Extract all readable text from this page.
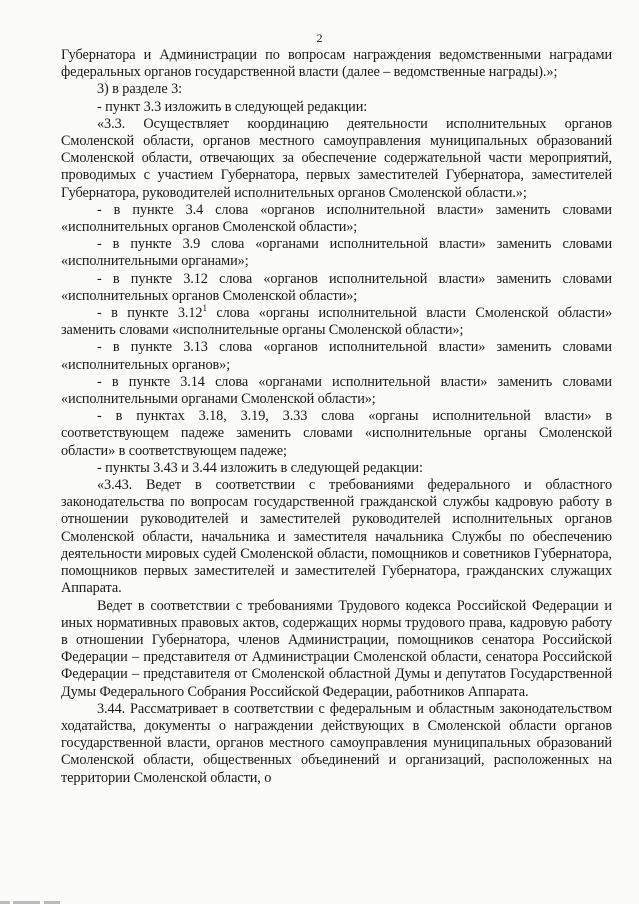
2

Губернатора и Администрации по вопросам награждения ведомственными наградами федеральных органов государственной власти (далее – ведомственные награды).»;

3) в разделе 3:

- пункт 3.3 изложить в следующей редакции:

«3.3. Осуществляет координацию деятельности исполнительных органов Смоленской области, органов местного самоуправления муниципальных образований Смоленской области, отвечающих за обеспечение содержательной части мероприятий, проводимых с участием Губернатора, первых заместителей Губернатора, заместителей Губернатора, руководителей исполнительных органов Смоленской области.»;

- в пункте 3.4 слова «органов исполнительной власти» заменить словами «исполнительных органов Смоленской области»;

- в пункте 3.9 слова «органами исполнительной власти» заменить словами «исполнительными органами»;

- в пункте 3.12 слова «органов исполнительной власти» заменить словами «исполнительных органов Смоленской области»;

- в пункте 3.12$^1$ слова «органы исполнительной власти Смоленской области» заменить словами «исполнительные органы Смоленской области»;

- в пункте 3.13 слова «органов исполнительной власти» заменить словами «исполнительных органов»;

- в пункте 3.14 слова «органами исполнительной власти» заменить словами «исполнительными органами Смоленской области»;

- в пунктах 3.18, 3.19, 3.33 слова «органы исполнительной власти» в соответствующем падеже заменить словами «исполнительные органы Смоленской области» в соответствующем падеже;

- пункты 3.43 и 3.44 изложить в следующей редакции:

«3.43. Ведет в соответствии с требованиями федерального и областного законодательства по вопросам государственной гражданской службы кадровую работу в отношении руководителей и заместителей руководителей исполнительных органов Смоленской области, начальника и заместителя начальника Службы по обеспечению деятельности мировых судей Смоленской области, помощников и советников Губернатора, помощников первых заместителей и заместителей Губернатора, гражданских служащих Аппарата.

Ведет в соответствии с требованиями Трудового кодекса Российской Федерации и иных нормативных правовых актов, содержащих нормы трудового права, кадровую работу в отношении Губернатора, членов Администрации, помощников сенатора Российской Федерации – представителя от Администрации Смоленской области, сенатора Российской Федерации – представителя от Смоленской областной Думы и депутатов Государственной Думы Федерального Собрания Российской Федерации, работников Аппарата.

3.44. Рассматривает в соответствии с федеральным и областным законодательством ходатайства, документы о награждении действующих в Смоленской области органов государственной власти, органов местного самоуправления муниципальных образований Смоленской области, общественных объединений и организаций, расположенных на территории Смоленской области, о
